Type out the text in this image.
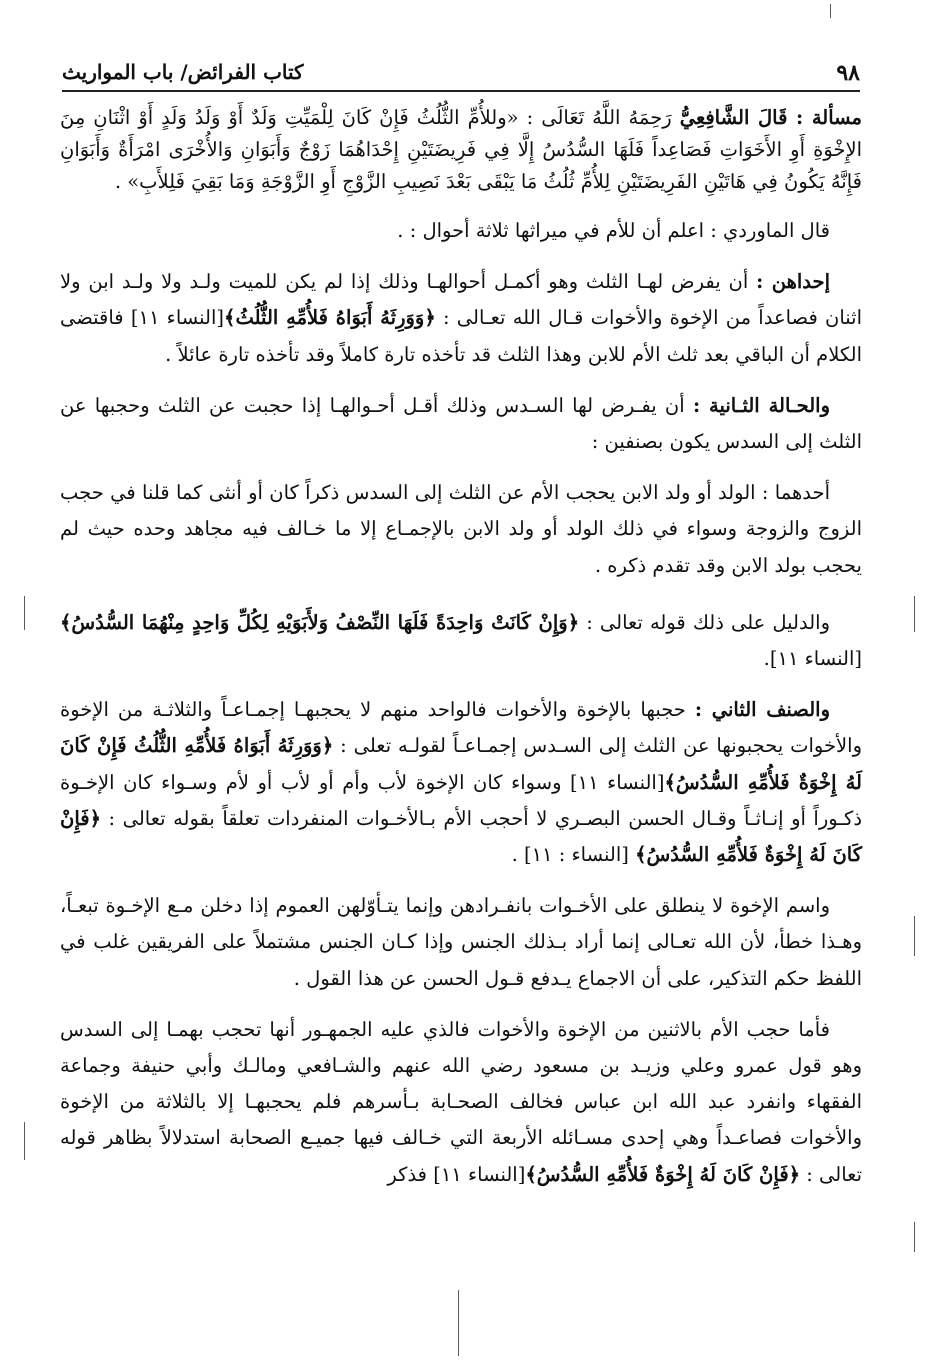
٩٨
كتاب الفرائض/ باب المواريث

مسألة : قَالَ الشَّافِعِيُّ رَحِمَهُ اللَّهُ تَعَالَى : «وللأُمِّ الثُّلُثُ فَإِنْ كَانَ لِلْمَيِّتِ وَلَدٌ أَوْ وَلَدُ وَلَدٍ أَوْ اثْنَانِ مِنَ الإِخْوَةِ أَوِ الأَخَوَاتِ فَصَاعِداً فَلَهَا السُّدُسُ إِلَّا فِي فَرِيضَتَيْنِ إِحْدَاهُمَا زَوْجٌ وَأَبَوَانِ وَالأُخْرَى امْرَأَةٌ وَأَبَوَانِ فَإِنَّهُ يَكُونُ فِي هَاتَيْنِ الفَرِيضَتَيْنِ لِلأُمِّ ثُلُثُ مَا يَبْقَى بَعْدَ نَصِيبِ الزَّوْجِ أَوِ الزَّوْجَةِ وَمَا بَقِيَ فَلِلأَبِ» .

قال الماوردي : اعلم أن للأم في ميراثها ثلاثة أحوال : .

إحداهن : أن يفرض لهـا الثلث وهو أكمـل أحوالهـا وذلك إذا لم يكن للميت ولـد ولا ولـد ابن ولا اثنان فصاعداً من الإخوة والأخوات قـال الله تعـالى : ﴿وَوَرِثَهُ أَبَوَاهُ فَلأُمِّهِ الثُّلُثُ﴾[النساء ١١] فاقتضى الكلام أن الباقي بعد ثلث الأم للابن وهذا الثلث قد تأخذه تارة كاملاً وقد تأخذه تارة عائلاً .

والحـالة الثـانية : أن يفـرض لها السـدس وذلك أقـل أحـوالهـا إذا حجبت عن الثلث وحجبها عن الثلث إلى السدس يكون بصنفين :

أحدهما : الولد أو ولد الابن يحجب الأم عن الثلث إلى السدس ذكراً كان أو أنثى كما قلنا في حجب الزوج والزوجة وسواء في ذلك الولد أو ولد الابن بالإجمـاع إلا ما خـالف فيه مجاهد وحده حيث لم يحجب بولد الابن وقد تقدم ذكره .

والدليل على ذلك قوله تعالى : ﴿وَإِنْ كَانَتْ وَاحِدَةً فَلَهَا النِّصْفُ وَلأَبَوَيْهِ لِكُلِّ وَاحِدٍ مِنْهُمَا السُّدُسُ﴾[النساء ١١].

والصنف الثاني : حجبها بالإخوة والأخوات فالواحد منهم لا يحجبهـا إجمـاعـاً والثلاثـة من الإخوة والأخوات يحجبونها عن الثلث إلى السـدس إجمـاعـاً لقولـه تعلى : ﴿وَوَرِثَهُ أَبَوَاهُ فَلأُمِّهِ الثُّلُثُ فَإِنْ كَانَ لَهُ إِخْوَةٌ فَلأُمِّهِ السُّدُسُ﴾[النساء ١١] وسواء كان الإخوة لأب وأم أو لأب أو لأم وسـواء كان الإخـوة ذكـوراً أو إنـاثـاً وقـال الحسن البصـري لا أحجب الأم بـالأخـوات المنفردات تعلقاً بقوله تعالى : ﴿فَإِنْ كَانَ لَهُ إِخْوَةٌ فَلأُمِّهِ السُّدُسُ﴾ [النساء : ١١] .

واسم الإخوة لا ينطلق على الأخـوات بانفـرادهن وإنما يتـأوّلهن العموم إذا دخلن مـع الإخـوة تبعـاً، وهـذا خطأ، لأن الله تعـالى إنما أراد بـذلك الجنس وإذا كـان الجنس مشتملاً على الفريقين غلب في اللفظ حكم التذكير، على أن الاجماع يـدفع قـول الحسن عن هذا القول .

فأما حجب الأم بالاثنين من الإخوة والأخوات فالذي عليه الجمهـور أنها تحجب بهمـا إلى السدس وهو قول عمرو وعلي وزيـد بن مسعود رضي الله عنهم والشـافعي ومالـك وأبي حنيفة وجماعة الفقهاء وانفرد عبد الله ابن عباس فخالف الصحـابة بـأسرهم فلم يحجبهـا إلا بالثلاثة من الإخوة والأخوات فصاعـداً وهي إحدى مسـائله الأربعة التي خـالف فيها جميـع الصحابة استدلالاً بظاهر قوله تعالى : ﴿فَإِنْ كَانَ لَهُ إِخْوَةٌ فَلأُمِّهِ السُّدُسُ﴾[النساء ١١] فذكر
